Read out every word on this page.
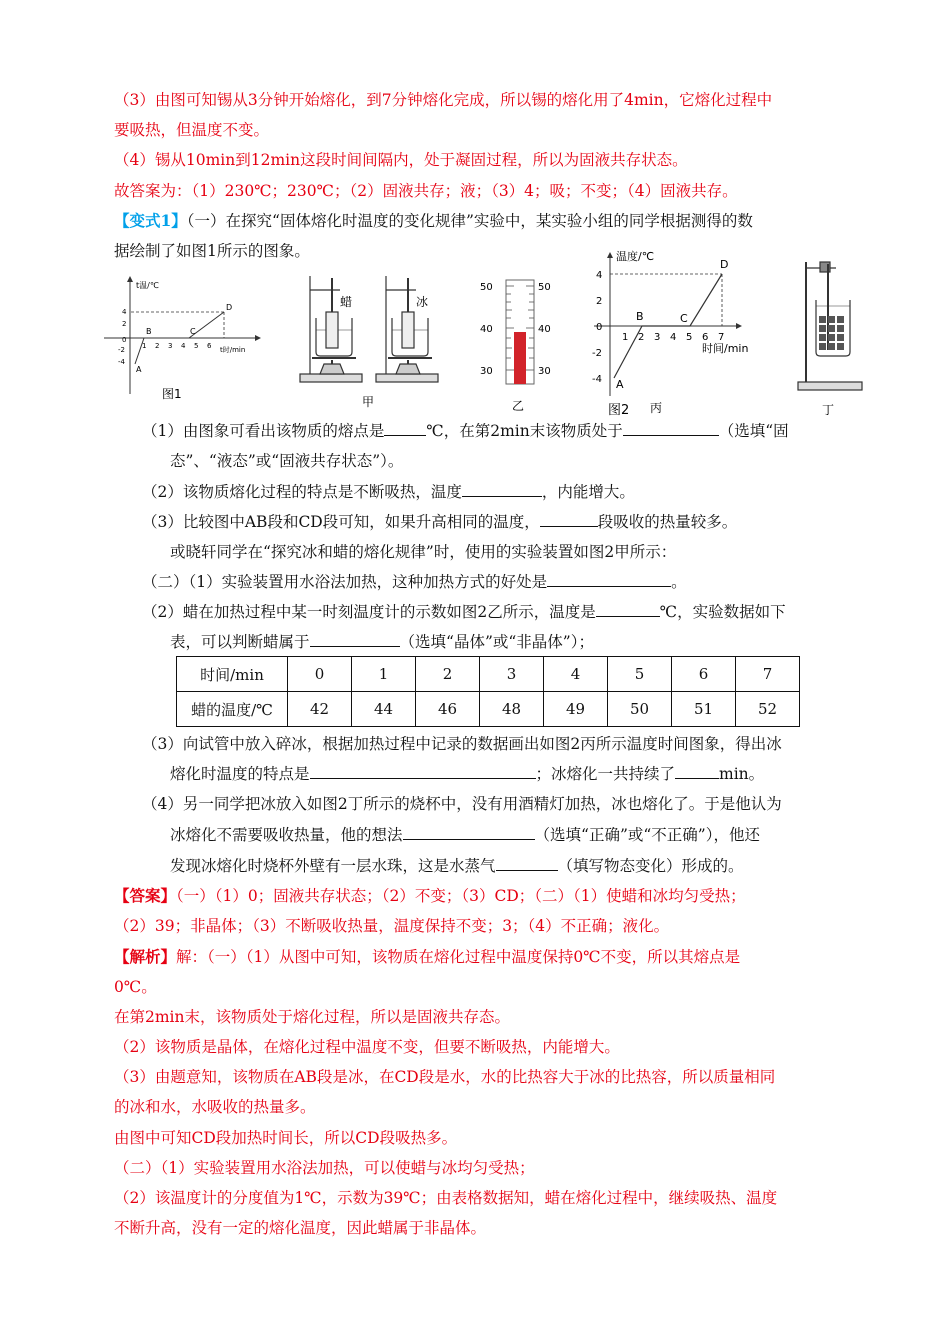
（3）由图可知锡从3分钟开始熔化，到7分钟熔化完成，所以锡的熔化用了4min，它熔化过程中
要吸热，但温度不变。
（4）锡从10min到12min这段时间间隔内，处于凝固过程，所以为固液共存状态。
故答案为：（1）230℃；230℃；（2）固液共存；液；（3）4；吸；不变；（4）固液共存。
【变式1】（一）在探究“固体熔化时温度的变化规律”实验中，某实验小组的同学根据测得的数
据绘制了如图1所示的图象。
t温/℃
t时/min
4
2
0
-2
-4
1 2 3 4 5 6
A
B	C
D
图1
蜡	冰
甲
50
40
30
50
40
30
乙
温度/℃
时间/min
4
2
0
-2
-4
1 2 3 4 5 6 7
A
B	C
D
图2 丙	丁
（1）由图象可看出该物质的熔点是	℃，在第2min末该物质处于	（选填“固
态”、“液态”或“固液共存状态”）。
（2）该物质熔化过程的特点是不断吸热，温度	，内能增大。
（3）比较图中AB段和CD段可知，如果升高相同的温度，	段吸收的热量较多。
或晓轩同学在“探究冰和蜡的熔化规律”时，使用的实验装置如图2甲所示：
（二）（1）实验装置用水浴法加热，这种加热方式的好处是	。
（2）蜡在加热过程中某一时刻温度计的示数如图2乙所示，温度是	℃，实验数据如下
表，可以判断蜡属于	（选填“晶体”或“非晶体”）；
时间/min	0	1	2	3	4	5	6	7
蜡的温度/℃	42	44	46	48	49	50	51	52
（3）向试管中放入碎冰，根据加热过程中记录的数据画出如图2丙所示温度时间图象，得出冰
熔化时温度的特点是	；冰熔化一共持续了	min。
（4）另一同学把冰放入如图2丁所示的烧杯中，没有用酒精灯加热，冰也熔化了。于是他认为
冰熔化不需要吸收热量，他的想法	（选填“正确”或“不正确”），他还
发现冰熔化时烧杯外壁有一层水珠，这是水蒸气	（填写物态变化）形成的。
【答案】（一）（1）0；固液共存状态；（2）不变；（3）CD；（二）（1）使蜡和冰均匀受热；
（2）39；非晶体；（3）不断吸收热量，温度保持不变；3；（4）不正确；液化。
【解析】解：（一）（1）从图中可知，该物质在熔化过程中温度保持0℃不变，所以其熔点是
0℃。
在第2min末，该物质处于熔化过程，所以是固液共存态。
（2）该物质是晶体，在熔化过程中温度不变，但要不断吸热，内能增大。
（3）由题意知，该物质在AB段是冰，在CD段是水，水的比热容大于冰的比热容，所以质量相同
的冰和水，水吸收的热量多。
由图中可知CD段加热时间长，所以CD段吸热多。
（二）（1）实验装置用水浴法加热，可以使蜡与冰均匀受热；
（2）该温度计的分度值为1℃，示数为39℃；由表格数据知，蜡在熔化过程中，继续吸热、温度
不断升高，没有一定的熔化温度，因此蜡属于非晶体。
